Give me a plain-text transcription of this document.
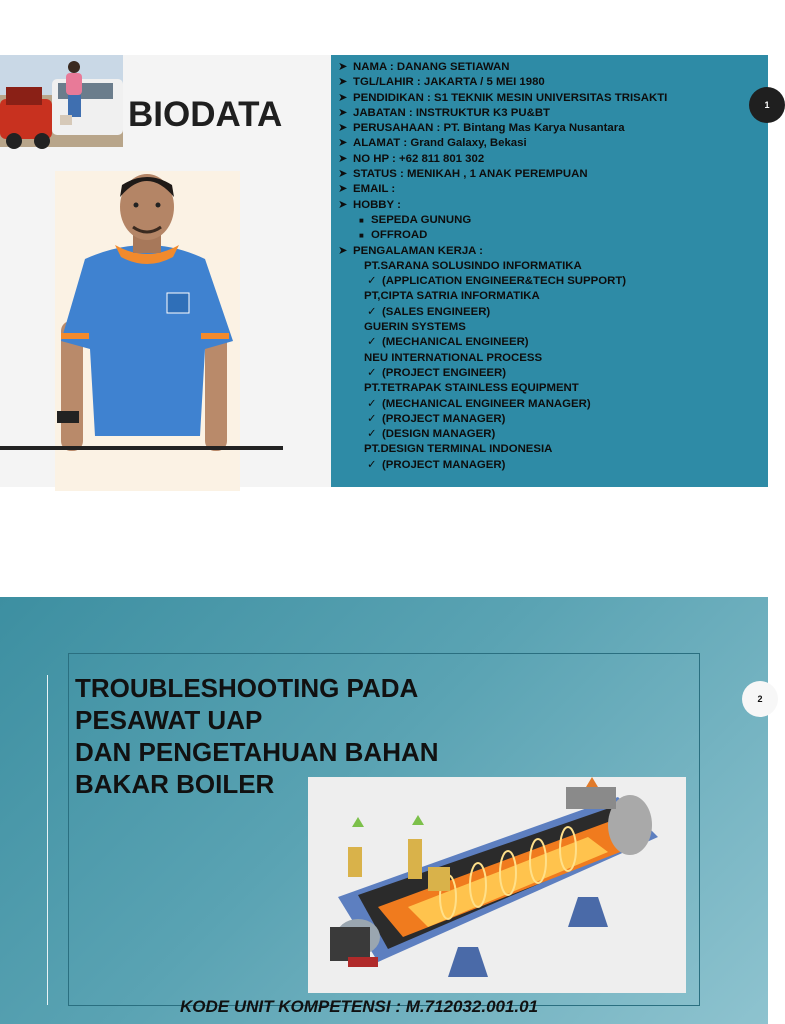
BIODATA
➤ NAMA : DANANG SETIAWAN
➤ TGL/LAHIR : JAKARTA / 5 MEI 1980
➤ PENDIDIKAN : S1 TEKNIK MESIN UNIVERSITAS TRISAKTI
➤ JABATAN : INSTRUKTUR K3 PU&BT
➤ PERUSAHAAN : PT. Bintang Mas Karya Nusantara
➤ ALAMAT : Grand Galaxy, Bekasi
➤ NO HP : +62 811 801 302
➤ STATUS : MENIKAH , 1 ANAK PEREMPUAN
➤ EMAIL :
➤ HOBBY :
■ SEPEDA GUNUNG
■ OFFROAD
➤ PENGALAMAN KERJA :
PT.SARANA SOLUSINDO INFORMATIKA
✓ (APPLICATION ENGINEER&TECH SUPPORT)
PT,CIPTA SATRIA INFORMATIKA
✓ (SALES ENGINEER)
GUERIN SYSTEMS
✓ (MECHANICAL ENGINEER)
NEU INTERNATIONAL PROCESS
✓ (PROJECT ENGINEER)
PT.TETRAPAK STAINLESS EQUIPMENT
✓ (MECHANICAL ENGINEER MANAGER)
✓ (PROJECT MANAGER)
✓ (DESIGN MANAGER)
PT.DESIGN TERMINAL INDONESIA
✓ (PROJECT MANAGER)
1
TROUBLESHOOTING PADA
PESAWAT UAP
DAN PENGETAHUAN BAHAN
BAKAR BOILER
KODE UNIT KOMPETENSI : M.712032.001.01
2
